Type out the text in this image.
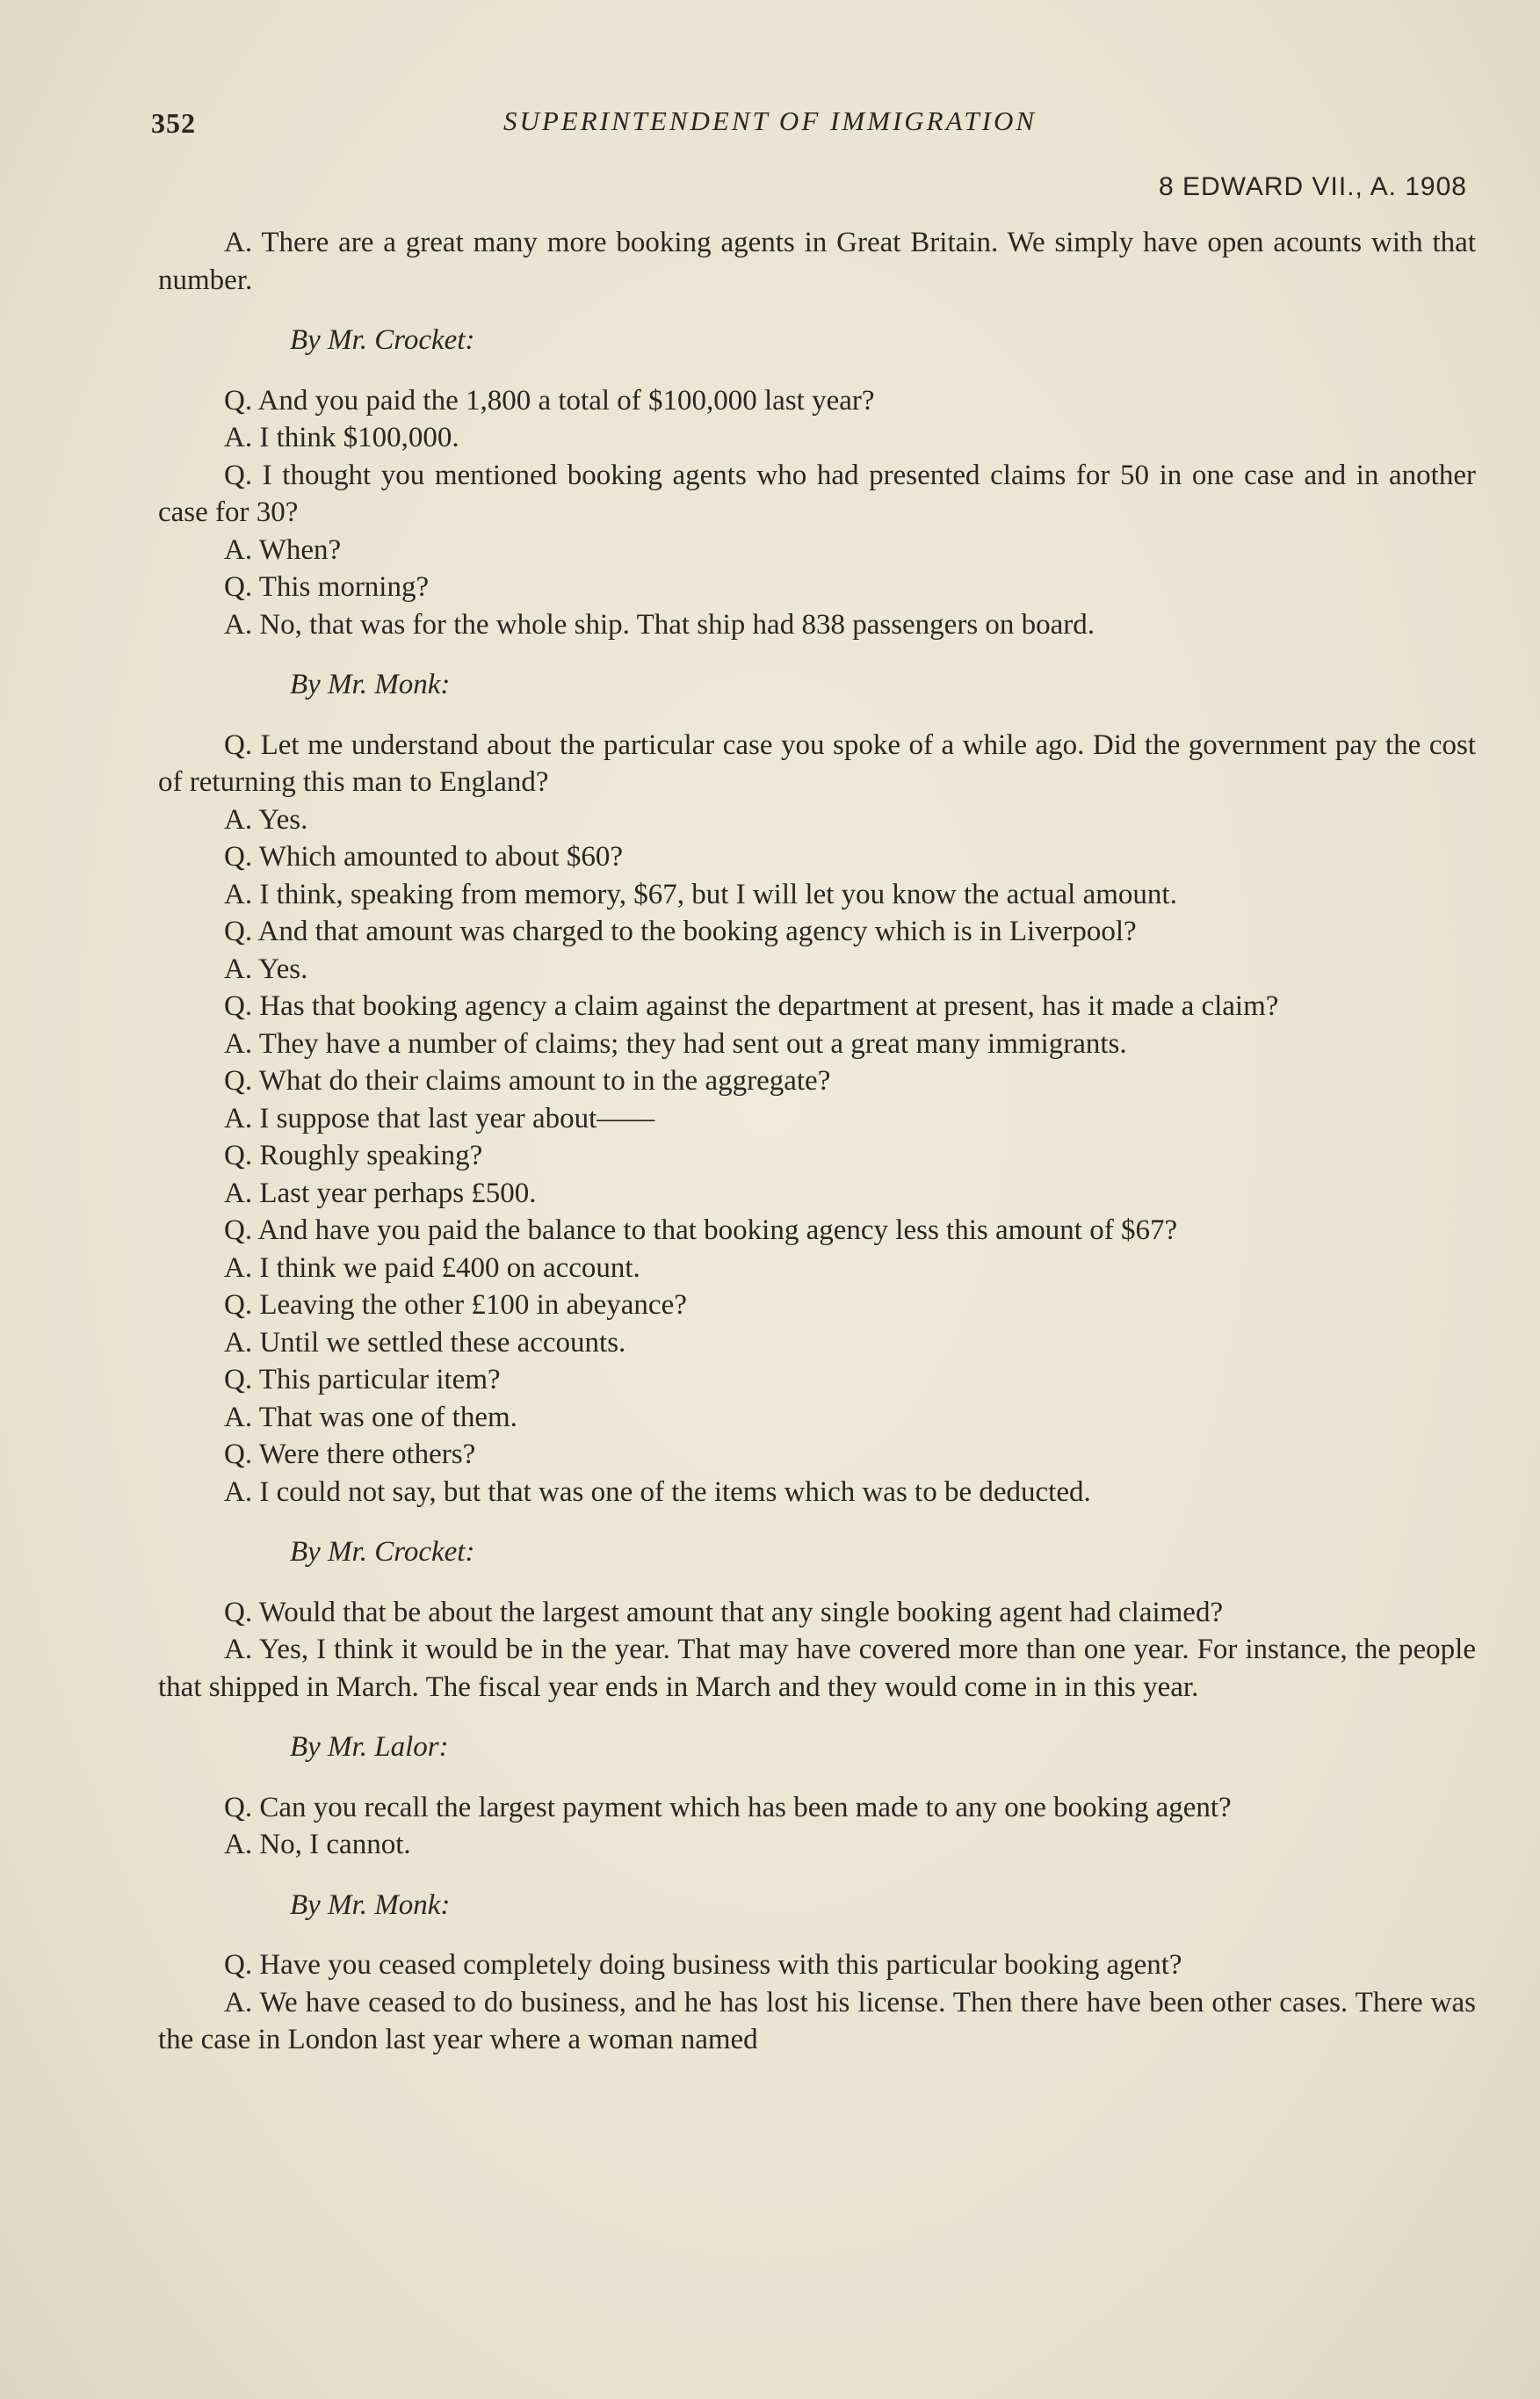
352	SUPERINTENDENT OF IMMIGRATION
8 EDWARD VII., A. 1908

A. There are a great many more booking agents in Great Britain. We simply have open acounts with that number.

By Mr. Crocket:

Q. And you paid the 1,800 a total of $100,000 last year?

A. I think $100,000.

Q. I thought you mentioned booking agents who had presented claims for 50 in one case and in another case for 30?

A. When?

Q. This morning?

A. No, that was for the whole ship. That ship had 838 passengers on board.

By Mr. Monk:

Q. Let me understand about the particular case you spoke of a while ago. Did the government pay the cost of returning this man to England?

A. Yes.

Q. Which amounted to about $60?

A. I think, speaking from memory, $67, but I will let you know the actual amount.

Q. And that amount was charged to the booking agency which is in Liverpool?

A. Yes.

Q. Has that booking agency a claim against the department at present, has it made a claim?

A. They have a number of claims; they had sent out a great many immigrants.

Q. What do their claims amount to in the aggregate?

A. I suppose that last year about——

Q. Roughly speaking?

A. Last year perhaps £500.

Q. And have you paid the balance to that booking agency less this amount of $67?

A. I think we paid £400 on account.

Q. Leaving the other £100 in abeyance?

A. Until we settled these accounts.

Q. This particular item?

A. That was one of them.

Q. Were there others?

A. I could not say, but that was one of the items which was to be deducted.

By Mr. Crocket:

Q. Would that be about the largest amount that any single booking agent had claimed?

A. Yes, I think it would be in the year. That may have covered more than one year. For instance, the people that shipped in March. The fiscal year ends in March and they would come in in this year.

By Mr. Lalor:

Q. Can you recall the largest payment which has been made to any one booking agent?

A. No, I cannot.

By Mr. Monk:

Q. Have you ceased completely doing business with this particular booking agent?

A. We have ceased to do business, and he has lost his license. Then there have been other cases. There was the case in London last year where a woman named
